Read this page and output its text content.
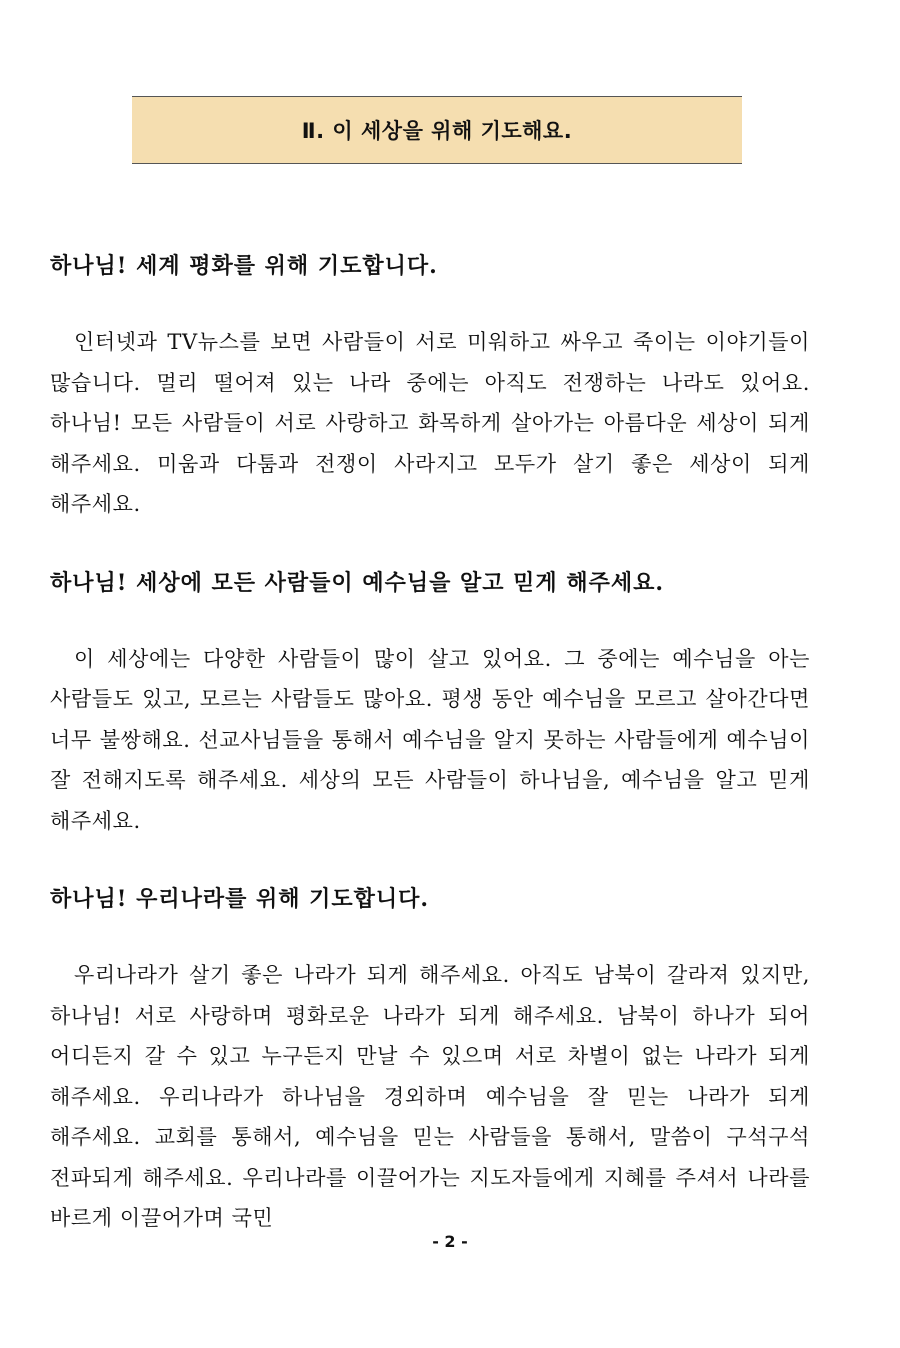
Ⅱ. 이 세상을 위해 기도해요.
하나님! 세계 평화를 위해 기도합니다.

인터넷과 TV뉴스를 보면 사람들이 서로 미워하고 싸우고 죽이는 이야기들이 많습니다. 멀리 떨어져 있는 나라 중에는 아직도 전쟁하는 나라도 있어요. 하나님! 모든 사람들이 서로 사랑하고 화목하게 살아가는 아름다운 세상이 되게 해주세요. 미움과 다툼과 전쟁이 사라지고 모두가 살기 좋은 세상이 되게 해주세요.

하나님! 세상에 모든 사람들이 예수님을 알고 믿게 해주세요.

이 세상에는 다양한 사람들이 많이 살고 있어요. 그 중에는 예수님을 아는 사람들도 있고, 모르는 사람들도 많아요. 평생 동안 예수님을 모르고 살아간다면 너무 불쌍해요. 선교사님들을 통해서 예수님을 알지 못하는 사람들에게 예수님이 잘 전해지도록 해주세요. 세상의 모든 사람들이 하나님을, 예수님을 알고 믿게 해주세요.

하나님! 우리나라를 위해 기도합니다.

우리나라가 살기 좋은 나라가 되게 해주세요. 아직도 남북이 갈라져 있지만, 하나님! 서로 사랑하며 평화로운 나라가 되게 해주세요. 남북이 하나가 되어 어디든지 갈 수 있고 누구든지 만날 수 있으며 서로 차별이 없는 나라가 되게 해주세요. 우리나라가 하나님을 경외하며 예수님을 잘 믿는 나라가 되게 해주세요. 교회를 통해서, 예수님을 믿는 사람들을 통해서, 말씀이 구석구석 전파되게 해주세요. 우리나라를 이끌어가는 지도자들에게 지혜를 주셔서 나라를 바르게 이끌어가며 국민

- 2 -
